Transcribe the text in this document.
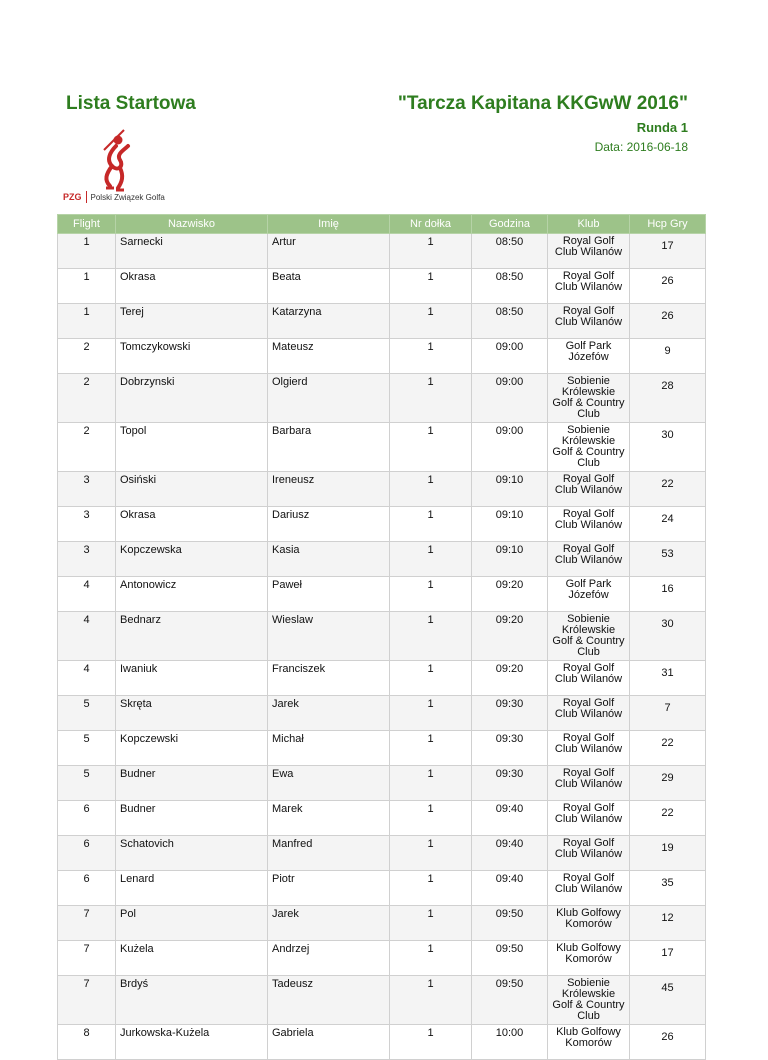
Lista Startowa	"Tarcza Kapitana KKGwW 2016"
Runda 1
Data: 2016-06-18
PZG Polski Związek Golfa
Flight	Nazwisko	Imię	Nr dołka	Godzina	Klub	Hcp Gry
1	Sarnecki	Artur	1	08:50	Royal Golf Club Wilanów	17
1	Okrasa	Beata	1	08:50	Royal Golf Club Wilanów	26
1	Terej	Katarzyna	1	08:50	Royal Golf Club Wilanów	26
2	Tomczykowski	Mateusz	1	09:00	Golf Park Józefów	9
2	Dobrzynski	Olgierd	1	09:00	Sobienie Królewskie Golf & Country Club	28
2	Topol	Barbara	1	09:00	Sobienie Królewskie Golf & Country Club	30
3	Osiński	Ireneusz	1	09:10	Royal Golf Club Wilanów	22
3	Okrasa	Dariusz	1	09:10	Royal Golf Club Wilanów	24
3	Kopczewska	Kasia	1	09:10	Royal Golf Club Wilanów	53
4	Antonowicz	Paweł	1	09:20	Golf Park Józefów	16
4	Bednarz	Wieslaw	1	09:20	Sobienie Królewskie Golf & Country Club	30
4	Iwaniuk	Franciszek	1	09:20	Royal Golf Club Wilanów	31
5	Skręta	Jarek	1	09:30	Royal Golf Club Wilanów	7
5	Kopczewski	Michał	1	09:30	Royal Golf Club Wilanów	22
5	Budner	Ewa	1	09:30	Royal Golf Club Wilanów	29
6	Budner	Marek	1	09:40	Royal Golf Club Wilanów	22
6	Schatovich	Manfred	1	09:40	Royal Golf Club Wilanów	19
6	Lenard	Piotr	1	09:40	Royal Golf Club Wilanów	35
7	Pol	Jarek	1	09:50	Klub Golfowy Komorów	12
7	Kużela	Andrzej	1	09:50	Klub Golfowy Komorów	17
7	Brdyś	Tadeusz	1	09:50	Sobienie Królewskie Golf & Country Club	45
8	Jurkowska-Kużela	Gabriela	1	10:00	Klub Golfowy Komorów	26
